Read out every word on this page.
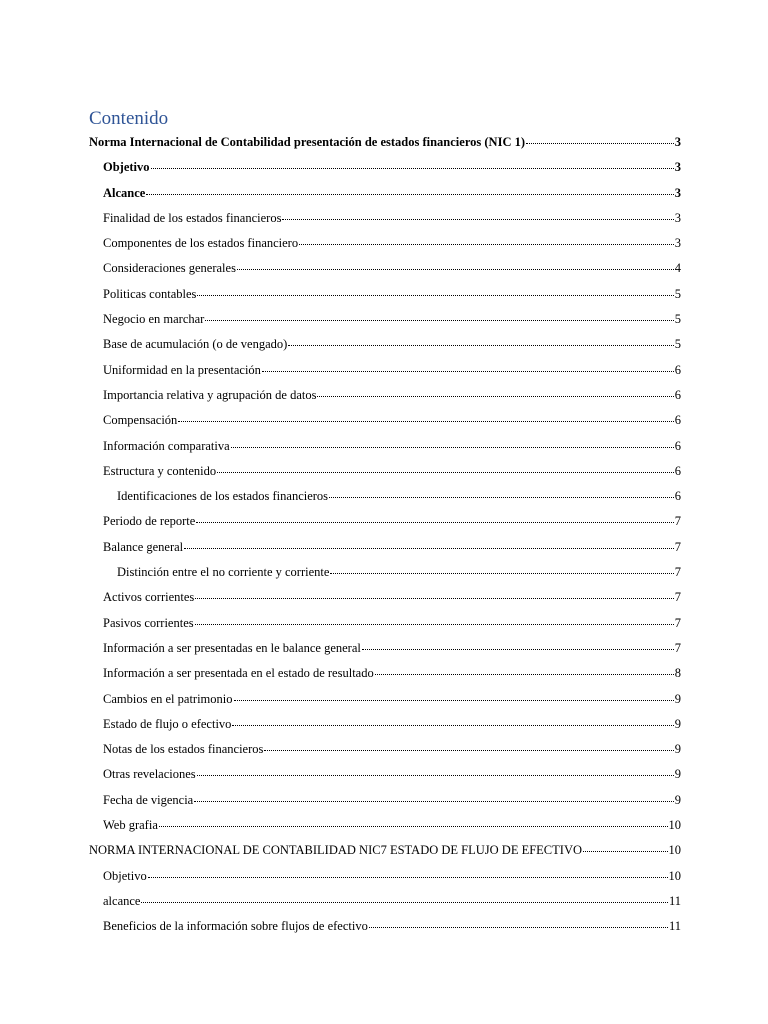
Contenido
Norma Internacional de Contabilidad presentación de estados financieros (NIC 1)	3
Objetivo	3
Alcance	3
Finalidad de los estados financieros	3
Componentes de los estados financiero	3
Consideraciones generales	4
Politicas contables	5
Negocio en marchar	5
Base de acumulación (o de vengado)	5
Uniformidad en la presentación	6
Importancia relativa y agrupación de datos	6
Compensación	6
Información comparativa	6
Estructura y contenido	6
Identificaciones de los estados financieros	6
Periodo de reporte	7
Balance general	7
Distinción entre el no corriente y corriente	7
Activos corrientes	7
Pasivos corrientes	7
Información a ser presentadas en le balance general	7
Información a ser presentada en el estado de resultado	8
Cambios en el patrimonio	9
Estado de flujo o efectivo	9
Notas de los estados financieros	9
Otras revelaciones	9
Fecha de vigencia	9
Web grafia	10
NORMA INTERNACIONAL DE CONTABILIDAD NIC7 ESTADO DE FLUJO DE EFECTIVO	10
Objetivo	10
alcance	11
Beneficios de la información sobre flujos de efectivo	11
